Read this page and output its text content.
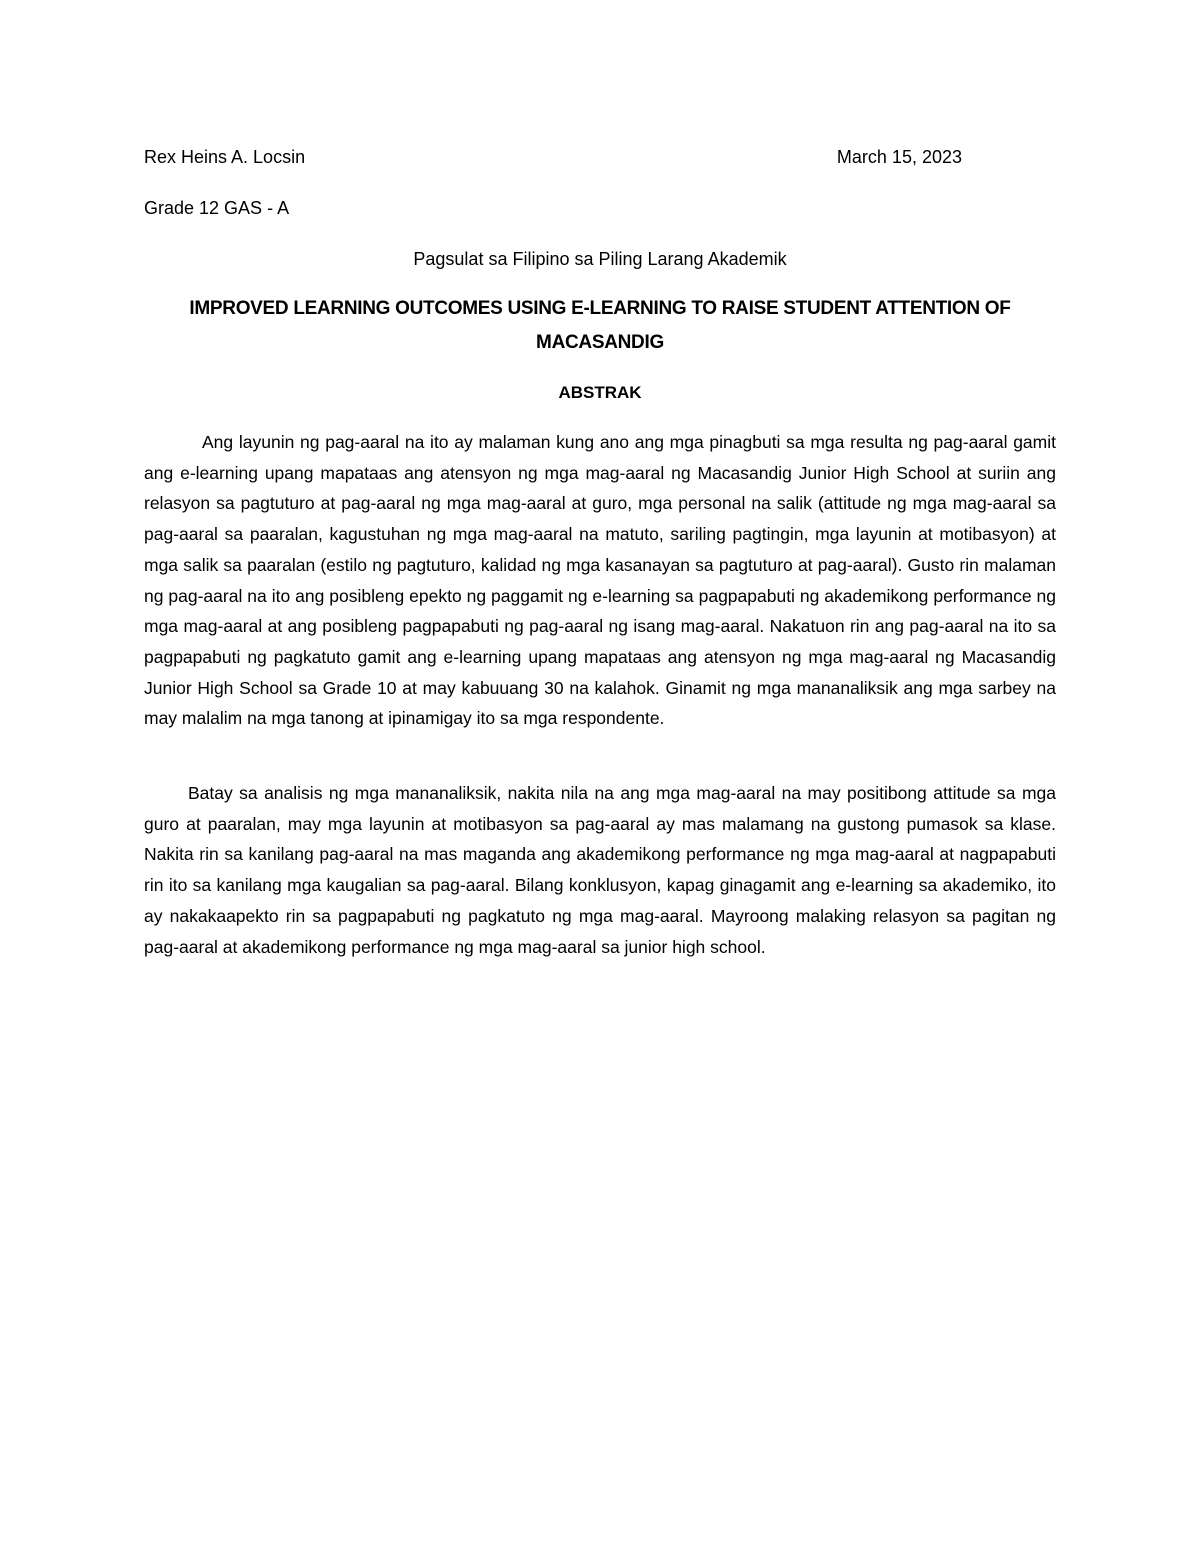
Rex Heins A. Locsin	March 15, 2023
Grade 12 GAS - A
Pagsulat sa Filipino sa Piling Larang Akademik
IMPROVED LEARNING OUTCOMES USING E-LEARNING TO RAISE STUDENT ATTENTION OF MACASANDIG
ABSTRAK

Ang layunin ng pag-aaral na ito ay malaman kung ano ang mga pinagbuti sa mga resulta ng pag-aaral gamit ang e-learning upang mapataas ang atensyon ng mga mag-aaral ng Macasandig Junior High School at suriin ang relasyon sa pagtuturo at pag-aaral ng mga mag-aaral at guro, mga personal na salik (attitude ng mga mag-aaral sa pag-aaral sa paaralan, kagustuhan ng mga mag-aaral na matuto, sariling pagtingin, mga layunin at motibasyon) at mga salik sa paaralan (estilo ng pagtuturo, kalidad ng mga kasanayan sa pagtuturo at pag-aaral). Gusto rin malaman ng pag-aaral na ito ang posibleng epekto ng paggamit ng e-learning sa pagpapabuti ng akademikong performance ng mga mag-aaral at ang posibleng pagpapabuti ng pag-aaral ng isang mag-aaral. Nakatuon rin ang pag-aaral na ito sa pagpapabuti ng pagkatuto gamit ang e-learning upang mapataas ang atensyon ng mga mag-aaral ng Macasandig Junior High School sa Grade 10 at may kabuuang 30 na kalahok. Ginamit ng mga mananaliksik ang mga sarbey na may malalim na mga tanong at ipinamigay ito sa mga respondente.

Batay sa analisis ng mga mananaliksik, nakita nila na ang mga mag-aaral na may positibong attitude sa mga guro at paaralan, may mga layunin at motibasyon sa pag-aaral ay mas malamang na gustong pumasok sa klase. Nakita rin sa kanilang pag-aaral na mas maganda ang akademikong performance ng mga mag-aaral at nagpapabuti rin ito sa kanilang mga kaugalian sa pag-aaral. Bilang konklusyon, kapag ginagamit ang e-learning sa akademiko, ito ay nakakaapekto rin sa pagpapabuti ng pagkatuto ng mga mag-aaral. Mayroong malaking relasyon sa pagitan ng pag-aaral at akademikong performance ng mga mag-aaral sa junior high school.
